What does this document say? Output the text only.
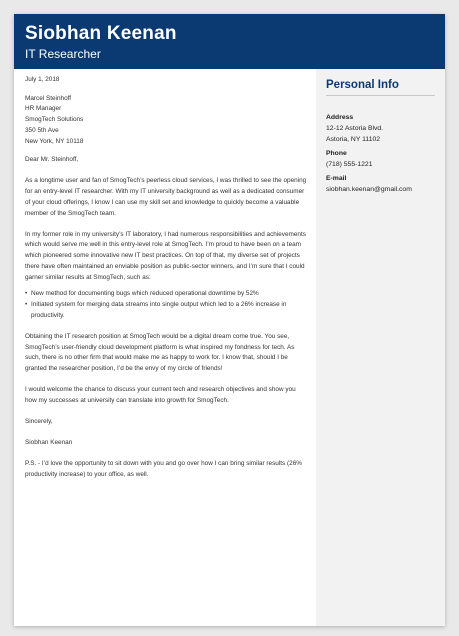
Siobhan Keenan
IT Researcher

July 1, 2018

Marcel Steinhoff
HR Manager
SmogTech Solutions
350 5th Ave
New York, NY 10118

Dear Mr. Steinhoff,

As a longtime user and fan of SmogTech’s peerless cloud services, I was thrilled to see the opening for an entry-level IT researcher. With my IT university background as well as a dedicated consumer of your cloud offerings, I know I can use my skill set and knowledge to quickly become a valuable member of the SmogTech team.

In my former role in my university’s IT laboratory, I had numerous responsibilities and achievements which would serve me well in this entry-level role at SmogTech. I’m proud to have been on a team which pioneered some innovative new IT best practices. On top of that, my diverse set of projects there have often maintained an enviable position as public-sector winners, and I’m sure that I could garner similar results at SmogTech, such as:

• New method for documenting bugs which reduced operational downtime by 52%
• Initiated system for merging data streams into single output which led to a 26% increase in productivity.

Obtaining the IT research position at SmogTech would be a digital dream come true. You see, SmogTech’s user-friendly cloud development platform is what inspired my fondness for tech. As such, there is no other firm that would make me as happy to work for. I know that, should I be granted the researcher position, I’d be the envy of my circle of friends!

I would welcome the chance to discuss your current tech and research objectives and show you how my successes at university can translate into growth for SmogTech.

Sincerely,

Siobhan Keenan

P.S. - I’d love the opportunity to sit down with you and go over how I can bring similar results (26% productivity increase) to your office, as well.

Personal Info
Address
12-12 Astoria Blvd.
Astoria, NY 11102
Phone
(718) 555-1221
E-mail
siobhan.keenan@gmail.com
